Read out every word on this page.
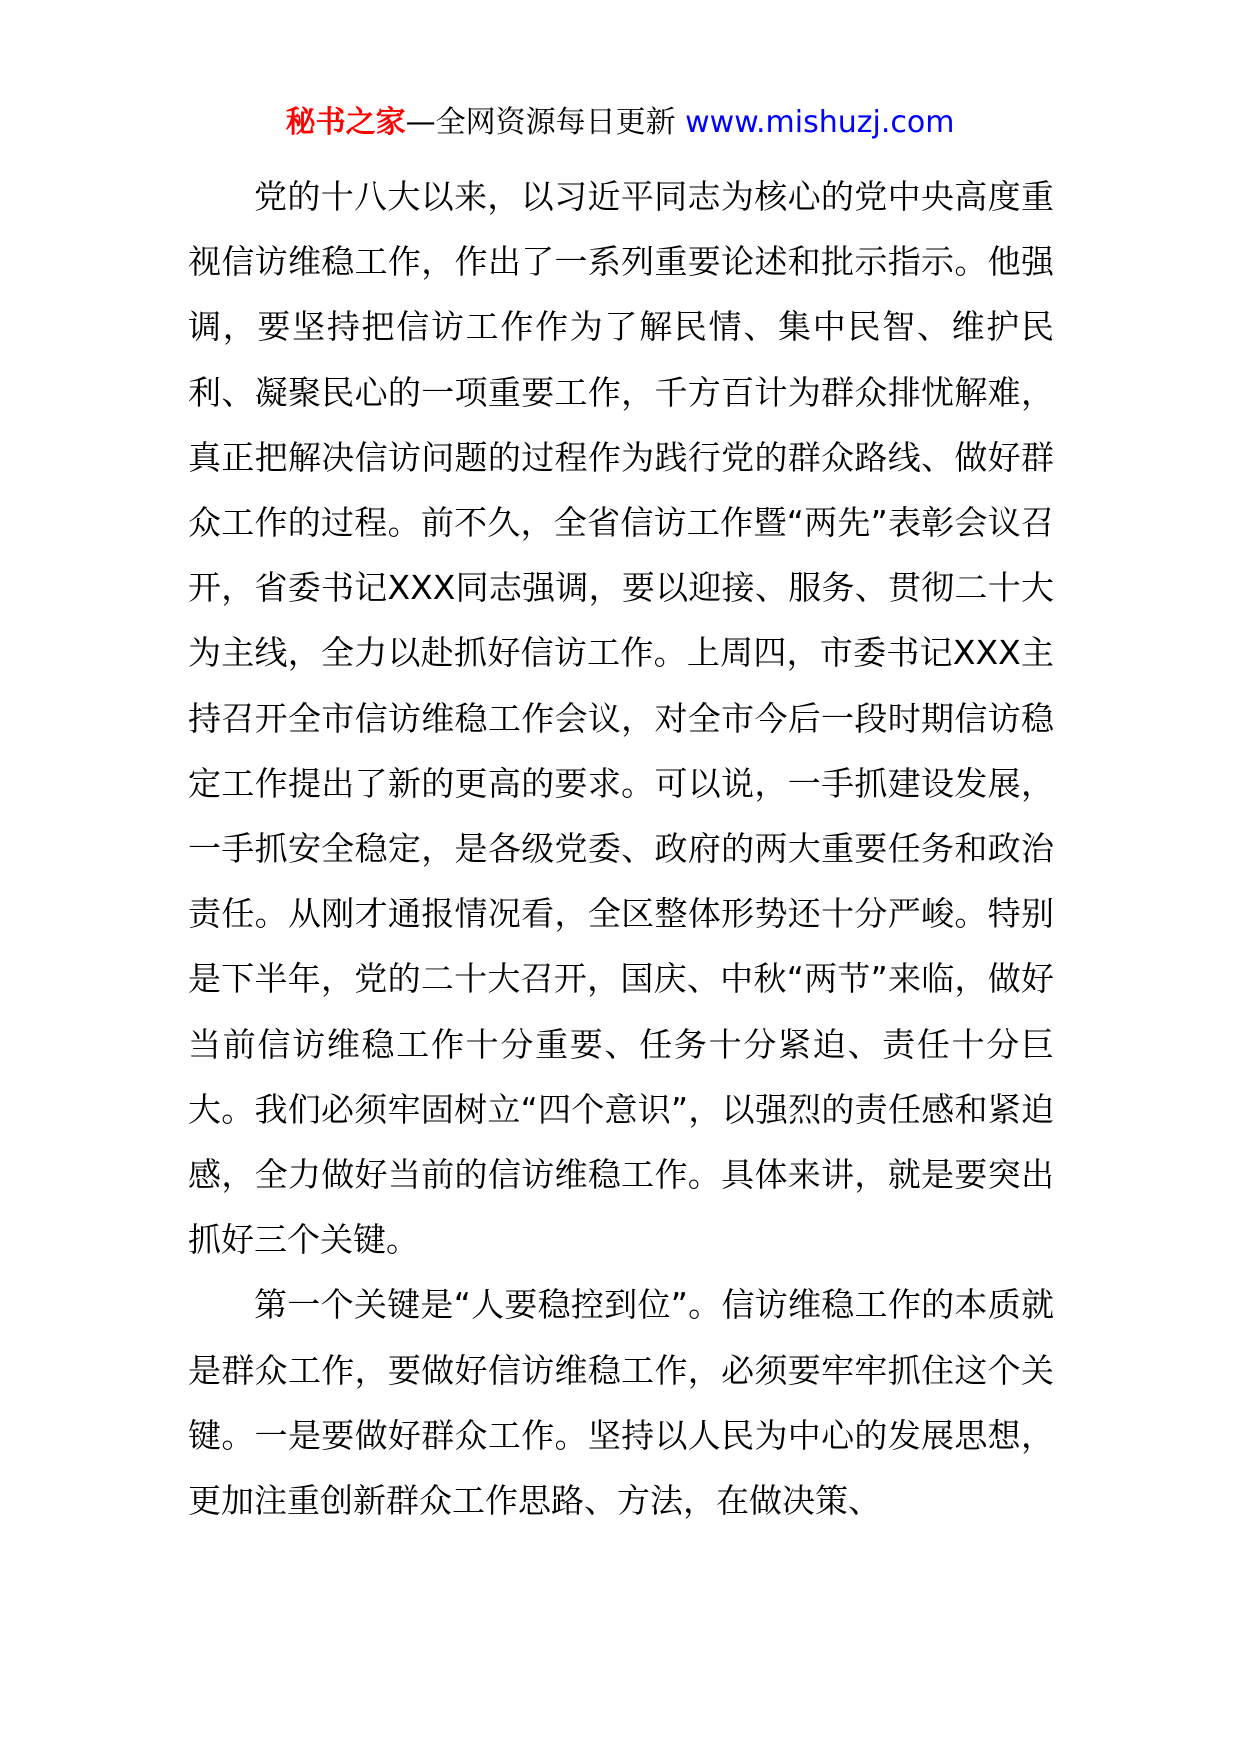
秘书之家—全网资源每日更新 www.mishuzj.com

党的十八大以来，以习近平同志为核心的党中央高度重视信访维稳工作，作出了一系列重要论述和批示指示。他强调，要坚持把信访工作作为了解民情、集中民智、维护民利、凝聚民心的一项重要工作，千方百计为群众排忧解难，真正把解决信访问题的过程作为践行党的群众路线、做好群众工作的过程。前不久，全省信访工作暨“两先”表彰会议召开，省委书记XXX同志强调，要以迎接、服务、贯彻二十大为主线，全力以赴抓好信访工作。上周四，市委书记XXX主持召开全市信访维稳工作会议，对全市今后一段时期信访稳定工作提出了新的更高的要求。可以说，一手抓建设发展，一手抓安全稳定，是各级党委、政府的两大重要任务和政治责任。从刚才通报情况看，全区整体形势还十分严峻。特别是下半年，党的二十大召开，国庆、中秋“两节”来临，做好当前信访维稳工作十分重要、任务十分紧迫、责任十分巨大。我们必须牢固树立“四个意识”，以强烈的责任感和紧迫感，全力做好当前的信访维稳工作。具体来讲，就是要突出抓好三个关键。

第一个关键是“人要稳控到位”。信访维稳工作的本质就是群众工作，要做好信访维稳工作，必须要牢牢抓住这个关键。一是要做好群众工作。坚持以人民为中心的发展思想，更加注重创新群众工作思路、方法，在做决策、
